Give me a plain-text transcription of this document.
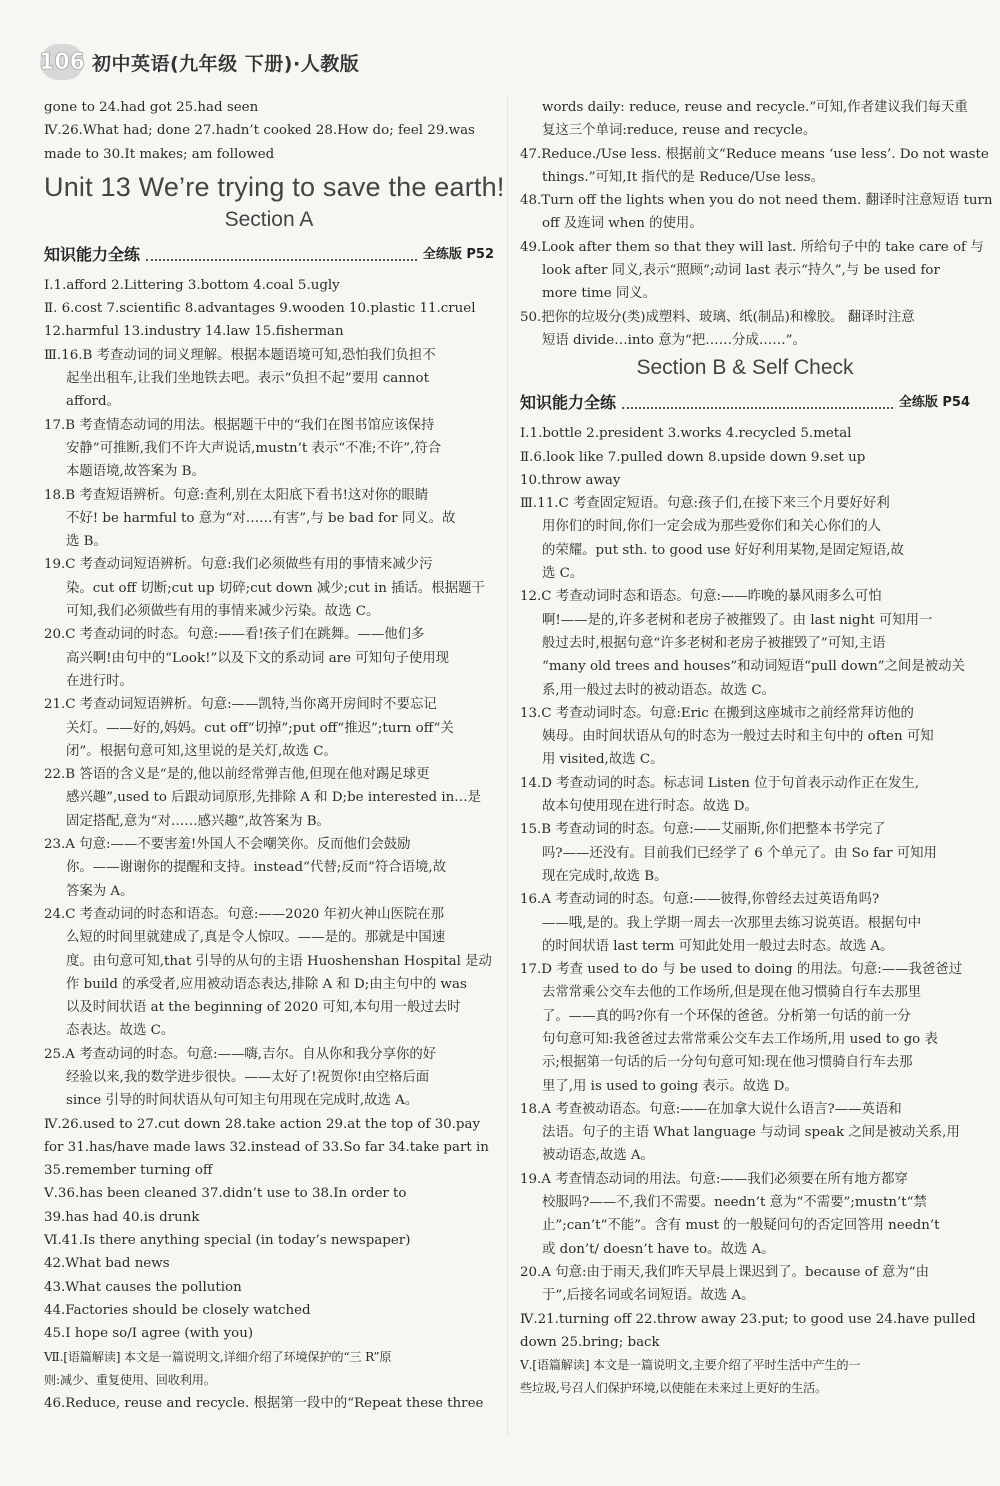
106 初中英语(九年级 下册)·人教版
gone to 24.had got 25.had seen
Ⅳ.26.What had; done 27.hadn’t cooked 28.How do; feel 29.was
made to 30.It makes; am followed
Unit 13 We’re trying to save the earth!
Section A
知识能力全练	全练版 P52
Ⅰ.1.afford 2.Littering 3.bottom 4.coal 5.ugly
Ⅱ. 6.cost 7.scientific 8.advantages 9.wooden 10.plastic 11.cruel
12.harmful 13.industry 14.law 15.fisherman
Ⅲ.16.B 考查动词的词义理解。根据本题语境可知,恐怕我们负担不
起坐出租车,让我们坐地铁去吧。表示“负担不起”要用 cannot
afford。
17.B 考查情态动词的用法。根据题干中的“我们在图书馆应该保持
安静”可推断,我们不许大声说话,mustn’t 表示“不准;不许”,符合
本题语境,故答案为 B。
18.B 考查短语辨析。句意:查利,别在太阳底下看书!这对你的眼睛
不好! be harmful to 意为“对……有害”,与 be bad for 同义。故
选 B。
19.C 考查动词短语辨析。句意:我们必须做些有用的事情来减少污
染。cut off 切断;cut up 切碎;cut down 减少;cut in 插话。根据题干
可知,我们必须做些有用的事情来减少污染。故选 C。
20.C 考查动词的时态。句意:——看!孩子们在跳舞。——他们多
高兴啊!由句中的“Look!”以及下文的系动词 are 可知句子使用现
在进行时。
21.C 考查动词短语辨析。句意:——凯特,当你离开房间时不要忘记
关灯。——好的,妈妈。cut off“切掉”;put off“推迟”;turn off“关
闭”。根据句意可知,这里说的是关灯,故选 C。
22.B 答语的含义是“是的,他以前经常弹吉他,但现在他对踢足球更
感兴趣”,used to 后跟动词原形,先排除 A 和 D;be interested in…是
固定搭配,意为“对……感兴趣”,故答案为 B。
23.A 句意:——不要害羞!外国人不会嘲笑你。反而他们会鼓励
你。——谢谢你的提醒和支持。instead“代替;反而”符合语境,故
答案为 A。
24.C 考查动词的时态和语态。句意:——2020 年初火神山医院在那
么短的时间里就建成了,真是令人惊叹。——是的。那就是中国速
度。由句意可知,that 引导的从句的主语 Huoshenshan Hospital 是动
作 build 的承受者,应用被动语态表达,排除 A 和 D;由主句中的 was
以及时间状语 at the beginning of 2020 可知,本句用一般过去时
态表达。故选 C。
25.A 考查动词的时态。句意:——嗨,吉尔。自从你和我分享你的好
经验以来,我的数学进步很快。——太好了!祝贺你!由空格后面
since 引导的时间状语从句可知主句用现在完成时,故选 A。
Ⅳ.26.used to 27.cut down 28.take action 29.at the top of 30.pay
for 31.has/have made laws 32.instead of 33.So far 34.take part in
35.remember turning off
Ⅴ.36.has been cleaned 37.didn’t use to 38.In order to
39.has had 40.is drunk
Ⅵ.41.Is there anything special (in today’s newspaper)
42.What bad news
43.What causes the pollution
44.Factories should be closely watched
45.I hope so/I agree (with you)
Ⅶ.[语篇解读] 本文是一篇说明文,详细介绍了环境保护的“三 R”原
则:减少、重复使用、回收利用。
46.Reduce, reuse and recycle. 根据第一段中的“Repeat these three
words daily: reduce, reuse and recycle.”可知,作者建议我们每天重
复这三个单词:reduce, reuse and recycle。
47.Reduce./Use less. 根据前文“Reduce means ‘use less’. Do not waste
things.”可知,It 指代的是 Reduce/Use less。
48.Turn off the lights when you do not need them. 翻译时注意短语 turn
off 及连词 when 的使用。
49.Look after them so that they will last. 所给句子中的 take care of 与
look after 同义,表示“照顾”;动词 last 表示“持久”,与 be used for
more time 同义。
50.把你的垃圾分(类)成塑料、玻璃、纸(制品)和橡胶。 翻译时注意
短语 divide…into 意为“把……分成……”。
Section B & Self Check
知识能力全练	全练版 P54
Ⅰ.1.bottle 2.president 3.works 4.recycled 5.metal
Ⅱ.6.look like 7.pulled down 8.upside down 9.set up
10.throw away
Ⅲ.11.C 考查固定短语。句意:孩子们,在接下来三个月要好好利
用你们的时间,你们一定会成为那些爱你们和关心你们的人
的荣耀。put sth. to good use 好好利用某物,是固定短语,故
选 C。
12.C 考查动词时态和语态。句意:——昨晚的暴风雨多么可怕
啊!——是的,许多老树和老房子被摧毁了。由 last night 可知用一
般过去时,根据句意“许多老树和老房子被摧毁了”可知,主语
“many old trees and houses”和动词短语“pull down”之间是被动关
系,用一般过去时的被动语态。故选 C。
13.C 考查动词时态。句意:Eric 在搬到这座城市之前经常拜访他的
姨母。由时间状语从句的时态为一般过去时和主句中的 often 可知
用 visited,故选 C。
14.D 考查动词的时态。标志词 Listen 位于句首表示动作正在发生,
故本句使用现在进行时态。故选 D。
15.B 考查动词的时态。句意:——艾丽斯,你们把整本书学完了
吗?——还没有。目前我们已经学了 6 个单元了。由 So far 可知用
现在完成时,故选 B。
16.A 考查动词的时态。句意:——彼得,你曾经去过英语角吗?
——哦,是的。我上学期一周去一次那里去练习说英语。根据句中
的时间状语 last term 可知此处用一般过去时态。故选 A。
17.D 考查 used to do 与 be used to doing 的用法。句意:——我爸爸过
去常常乘公交车去他的工作场所,但是现在他习惯骑自行车去那里
了。——真的吗?你有一个环保的爸爸。分析第一句话的前一分
句句意可知:我爸爸过去常常乘公交车去工作场所,用 used to go 表
示;根据第一句话的后一分句句意可知:现在他习惯骑自行车去那
里了,用 is used to going 表示。故选 D。
18.A 考查被动语态。句意:——在加拿大说什么语言?——英语和
法语。句子的主语 What language 与动词 speak 之间是被动关系,用
被动语态,故选 A。
19.A 考查情态动词的用法。句意:——我们必须要在所有地方都穿
校服吗?——不,我们不需要。needn’t 意为“不需要”;mustn’t“禁
止”;can’t“不能”。含有 must 的一般疑问句的否定回答用 needn’t
或 don’t/ doesn’t have to。故选 A。
20.A 句意:由于雨天,我们昨天早晨上课迟到了。because of 意为“由
于”,后接名词或名词短语。故选 A。
Ⅳ.21.turning off 22.throw away 23.put; to good use 24.have pulled
down 25.bring; back
Ⅴ.[语篇解读] 本文是一篇说明文,主要介绍了平时生活中产生的一
些垃圾,号召人们保护环境,以使能在未来过上更好的生活。
